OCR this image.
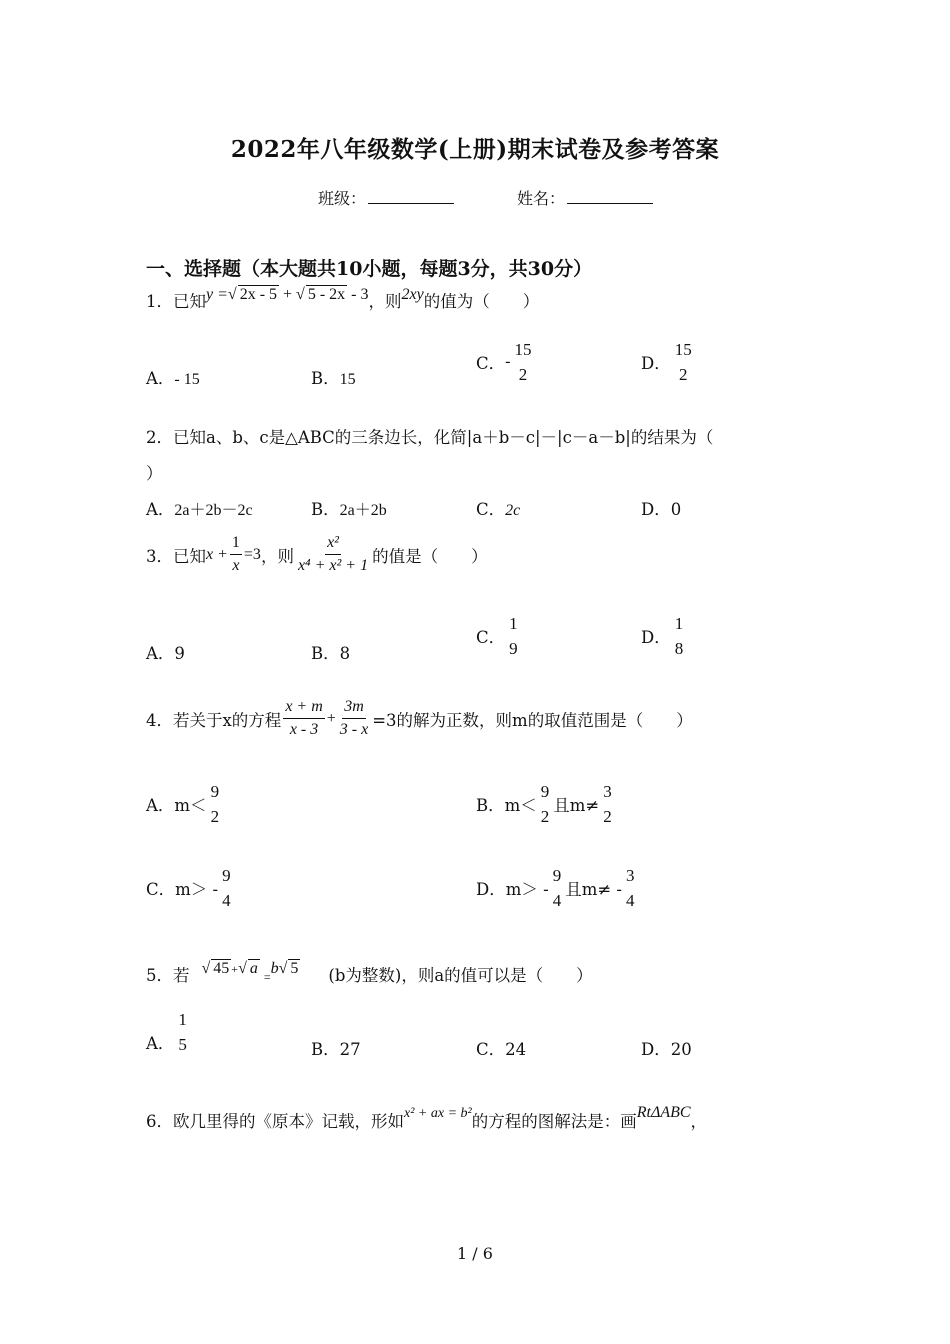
2022年八年级数学(上册)期末试卷及参考答案
班级：	姓名：
一、选择题（本大题共10小题，每题3分，共30分）
1．已知y =√ 2x - 5 + √ 5 - 2x - 3，则2xy的值为（　　）
A．- 15	B．15
C．-
15
2
D．
15
2
2．已知a、b、c是△ABC的三条边长，化简|a＋b－c|－|c－a－b|的结果为（
）
A．2a＋2b－2c	B．2a＋2b	C．2c	D．0
3．已知$x + \frac{1}{x} =3$，则 $\frac{\text{x²}}{\text{x⁴ + x² + 1}}$ 的值是（　　）
A．9	B．8
C．
1
9
D．
1
8
4．若关于x的方程 $\frac{x + m}{x - 3} + \frac{3m}{3 - x} =3$的解为正数，则m的取值范围是（　　）
A．m＜
9
2
B．m＜
9
2
且m≠
3
2
C．m＞ -
9
4
D．m＞ -
9
4
且m≠ -
3
4
5．若 √ 45 +√ a $_=$b√ 5 (b为整数)，则a的值可以是（　　）
A．
1
5	B．27	C．24	D．20
6．欧几里得的《原本》记载，形如$^{x^2 + ax = b^2}$的方程的图解法是：画RtΔABC，
1 / 6
